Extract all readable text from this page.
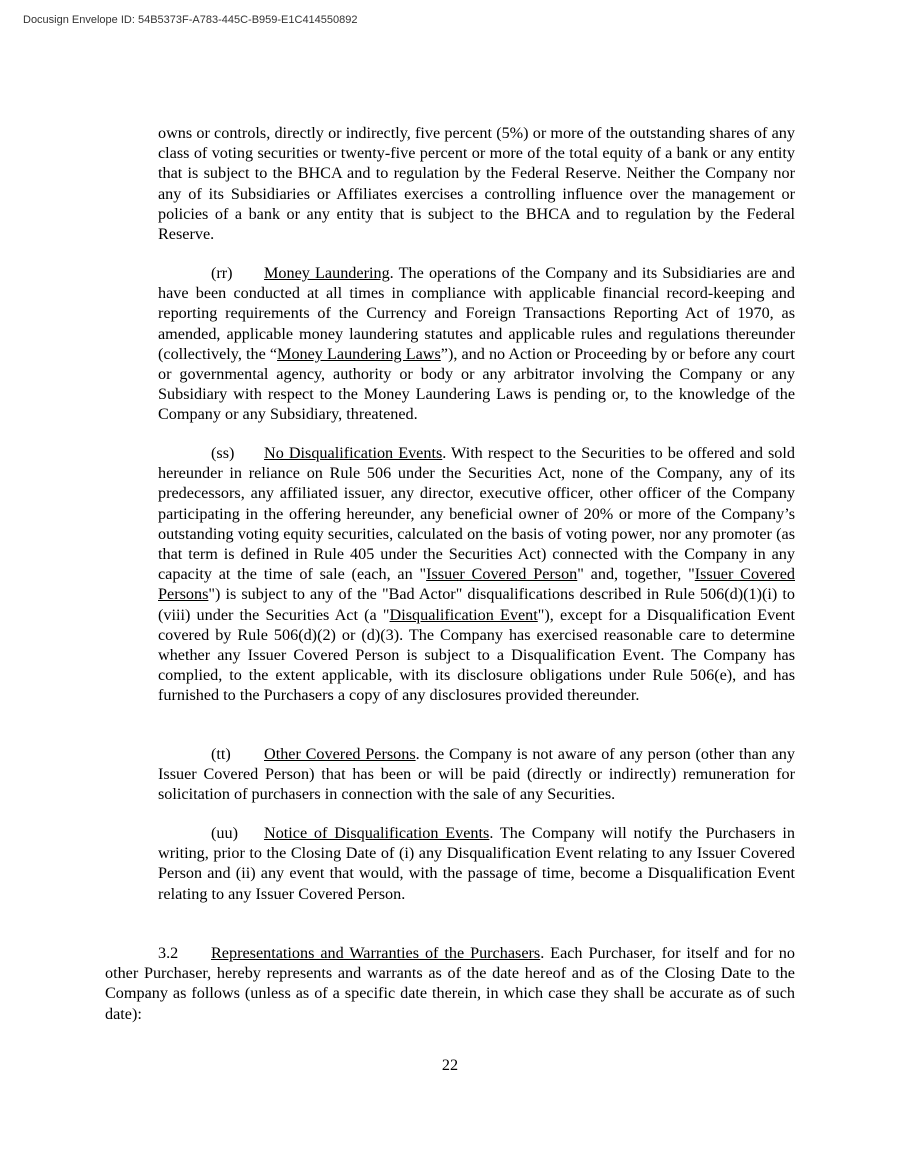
Docusign Envelope ID: 54B5373F-A783-445C-B959-E1C414550892

owns or controls, directly or indirectly, five percent (5%) or more of the outstanding shares of any class of voting securities or twenty-five percent or more of the total equity of a bank or any entity that is subject to the BHCA and to regulation by the Federal Reserve. Neither the Company nor any of its Subsidiaries or Affiliates exercises a controlling influence over the management or policies of a bank or any entity that is subject to the BHCA and to regulation by the Federal Reserve.

(rr) Money Laundering. The operations of the Company and its Subsidiaries are and have been conducted at all times in compliance with applicable financial record-keeping and reporting requirements of the Currency and Foreign Transactions Reporting Act of 1970, as amended, applicable money laundering statutes and applicable rules and regulations thereunder (collectively, the “Money Laundering Laws”), and no Action or Proceeding by or before any court or governmental agency, authority or body or any arbitrator involving the Company or any Subsidiary with respect to the Money Laundering Laws is pending or, to the knowledge of the Company or any Subsidiary, threatened.

(ss) No Disqualification Events. With respect to the Securities to be offered and sold hereunder in reliance on Rule 506 under the Securities Act, none of the Company, any of its predecessors, any affiliated issuer, any director, executive officer, other officer of the Company participating in the offering hereunder, any beneficial owner of 20% or more of the Company’s outstanding voting equity securities, calculated on the basis of voting power, nor any promoter (as that term is defined in Rule 405 under the Securities Act) connected with the Company in any capacity at the time of sale (each, an "Issuer Covered Person" and, together, "Issuer Covered Persons") is subject to any of the "Bad Actor" disqualifications described in Rule 506(d)(1)(i) to (viii) under the Securities Act (a "Disqualification Event"), except for a Disqualification Event covered by Rule 506(d)(2) or (d)(3). The Company has exercised reasonable care to determine whether any Issuer Covered Person is subject to a Disqualification Event. The Company has complied, to the extent applicable, with its disclosure obligations under Rule 506(e), and has furnished to the Purchasers a copy of any disclosures provided thereunder.

(tt) Other Covered Persons. the Company is not aware of any person (other than any Issuer Covered Person) that has been or will be paid (directly or indirectly) remuneration for solicitation of purchasers in connection with the sale of any Securities.

(uu) Notice of Disqualification Events. The Company will notify the Purchasers in writing, prior to the Closing Date of (i) any Disqualification Event relating to any Issuer Covered Person and (ii) any event that would, with the passage of time, become a Disqualification Event relating to any Issuer Covered Person.

3.2 Representations and Warranties of the Purchasers. Each Purchaser, for itself and for no other Purchaser, hereby represents and warrants as of the date hereof and as of the Closing Date to the Company as follows (unless as of a specific date therein, in which case they shall be accurate as of such date):

22
